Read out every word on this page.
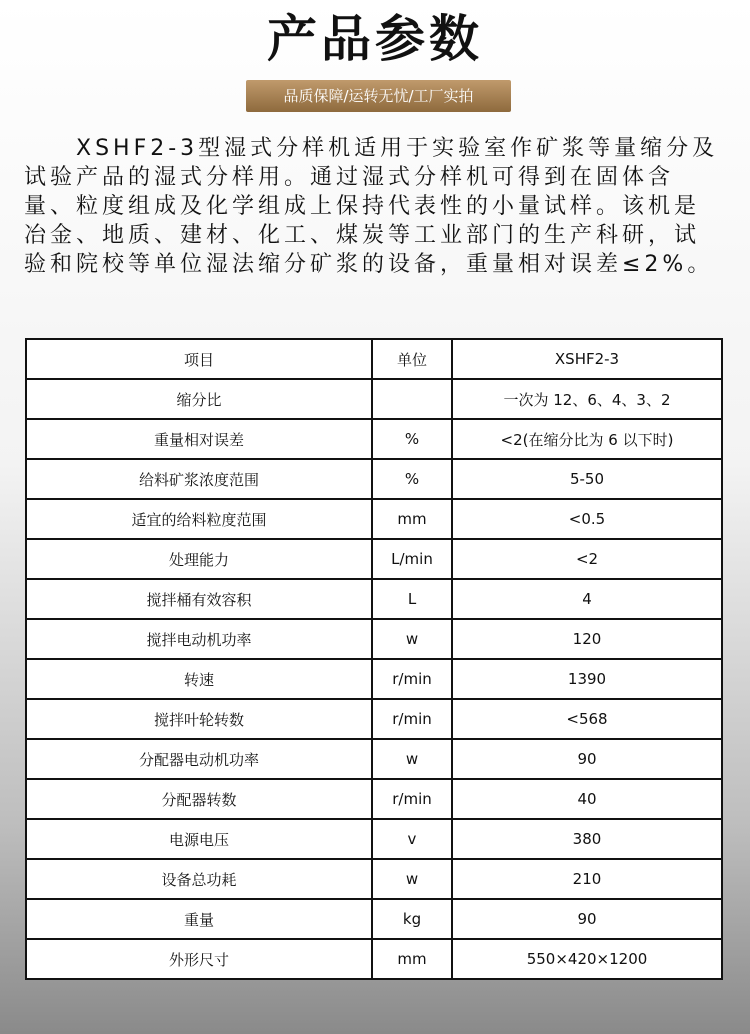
产品参数
品质保障/运转无忧/工厂实拍

XSHF2-3型湿式分样机适用于实验室作矿浆等量缩分及试验产品的湿式分样用。通过湿式分样机可得到在固体含量、粒度组成及化学组成上保持代表性的小量试样。该机是冶金、地质、建材、化工、煤炭等工业部门的生产科研，试验和院校等单位湿法缩分矿浆的设备，重量相对误差≤2%。

项目	单位	XSHF2-3
缩分比		一次为 12、6、4、3、2
重量相对误差	%	<2(在缩分比为 6 以下时)
给料矿浆浓度范围	%	5-50
适宜的给料粒度范围	mm	<0.5
处理能力	L/min	<2
搅拌桶有效容积	L	4
搅拌电动机功率	w	120
转速	r/min	1390
搅拌叶轮转数	r/min	<568
分配器电动机功率	w	90
分配器转数	r/min	40
电源电压	v	380
设备总功耗	w	210
重量	kg	90
外形尺寸	mm	550×420×1200
